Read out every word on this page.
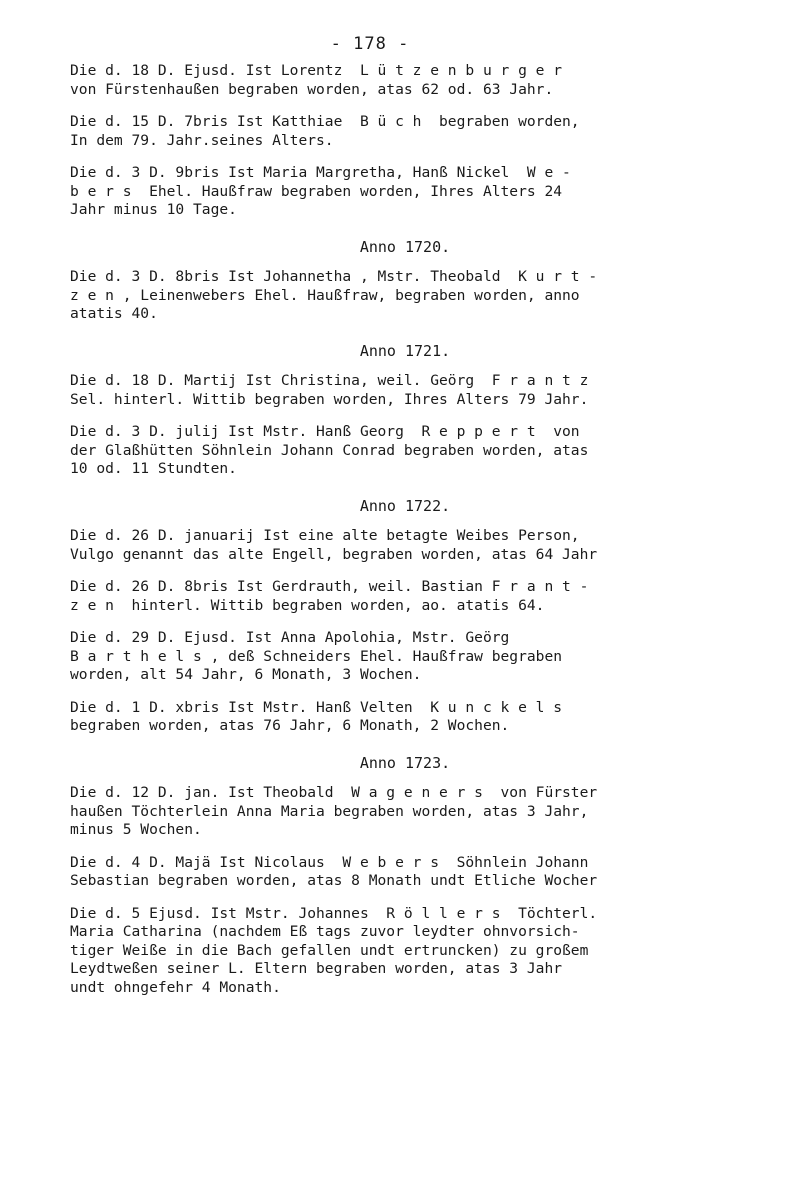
- 178 -
Die d. 18 D. Ejusd. Ist Lorentz  L ü t z e n b u r g e r
von Fürstenhaußen begraben worden, atas 62 od. 63 Jahr.
Die d. 15 D. 7bris Ist Katthiae  B ü c h  begraben worden,
In dem 79. Jahr.seines Alters.
Die d. 3 D. 9bris Ist Maria Margretha, Hanß Nickel  W e -
b e r s  Ehel. Haußfraw begraben worden, Ihres Alters 24
Jahr minus 10 Tage.
Anno 1720.
Die d. 3 D. 8bris Ist Johannetha , Mstr. Theobald  K u r t -
z e n , Leinenwebers Ehel. Haußfraw, begraben worden, anno
atatis 40.
Anno 1721.
Die d. 18 D. Martij Ist Christina, weil. Geörg  F r a n t z
Sel. hinterl. Wittib begraben worden, Ihres Alters 79 Jahr.
Die d. 3 D. julij Ist Mstr. Hanß Georg  R e p p e r t  von
der Glaßhütten Söhnlein Johann Conrad begraben worden, atas
10 od. 11 Stundten.
Anno 1722.
Die d. 26 D. januarij Ist eine alte betagte Weibes Person,
Vulgo genannt das alte Engell, begraben worden, atas 64 Jahr
Die d. 26 D. 8bris Ist Gerdrauth, weil. Bastian F r a n t -
z e n  hinterl. Wittib begraben worden, ao. atatis 64.
Die d. 29 D. Ejusd. Ist Anna Apolohia, Mstr. Geörg
B a r t h e l s , deß Schneiders Ehel. Haußfraw begraben
worden, alt 54 Jahr, 6 Monath, 3 Wochen.
Die d. 1 D. xbris Ist Mstr. Hanß Velten  K u n c k e l s
begraben worden, atas 76 Jahr, 6 Monath, 2 Wochen.
Anno 1723.
Die d. 12 D. jan. Ist Theobald  W a g e n e r s  von Fürster
haußen Töchterlein Anna Maria begraben worden, atas 3 Jahr,
minus 5 Wochen.
Die d. 4 D. Majä Ist Nicolaus  W e b e r s  Söhnlein Johann
Sebastian begraben worden, atas 8 Monath undt Etliche Wocher
Die d. 5 Ejusd. Ist Mstr. Johannes  R ö l l e r s  Töchterl.
Maria Catharina (nachdem Eß tags zuvor leydter ohnvorsich-
tiger Weiße in die Bach gefallen undt ertruncken) zu großem
Leydtweßen seiner L. Eltern begraben worden, atas 3 Jahr
undt ohngefehr 4 Monath.
